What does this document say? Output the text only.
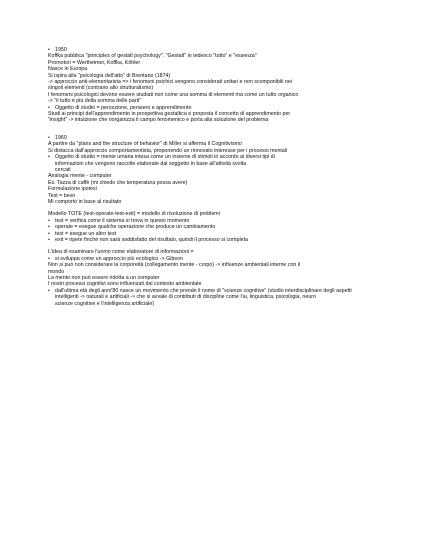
• 1950
Koffka pubblica "principles of gestalt psychology". "Gestalt" in tedesco "tutto" e "essenza"
Promotori = Wertheimer, Koffka, Köhler
Nasce in Europa
Si ispira alla "psicologia dell'atto" di Brentano (1874)
-> approccio anti-elementarista => i fenomeni psichici vengono considerati unitari e non scomponibili nei
singoli elementi (contrario allo strutturalismo)
I fenomeni psicologici devono essere studiati non come una somma di elementi ma come un tutto organico
-> "il tutto è più della somma delle parti"
• Oggetto di studio = percezione, pensiero e apprendimento
Studi ai principi dell'apprendimento in prospettiva gestaltica e proposta il concetto di apprendimento per
"insight" -> intuizione che riorganizza il campo fenomenico e porta alla soluzione del problema
• 1960
A partire da "plans and the structure of behavior" di Miller si afferma il Cognitivismo
Si distacca dall'approccio comportamentista, proponendo un rinnovato interesse per i processi mentali
• Oggetto di studio = mente umana intesa come un insieme di stimoli in accordo ai diversi tipi di
informazioni che vengono raccolte elaborate dal soggetto in base all'attività svolta
cercati
Analogia mente - computer
Es. Tazza di caffè (mi chiedo che temperatura possa avere)
Formulazione ipotesi
Test = bevo
Mi comporto in base al risultato
Modello TOTE (test-operate-test-exit) = modello di risoluzione di problemi
• test = verifica come il sistema si trova in questo momento
• operate = esegue qualche operazione che produce un cambiamento
• test = esegue un altro test
• exit = ripete finché non sarà soddisfatto del risultato, quindi il processo si completa
L'idea di esaminare l'uomo come elaboratore di informazioni =
• si sviluppa come un approccio più ecologico -> Gibson
Non si può non considerare la corporeità (collegamento mente - corpo) -> influenze ambientali interne con il
mondo
La mente non può essere ridotta a un computer
I nostri processi cognitivi sono influenzati dal contesto ambientale
• dall'ultima età degli anni'80 nasce un movimento che prende il nome di "scienze cognitive" (studio interdisciplinare degli aspetti
intelligenti -> naturali e artificiali -> che si avvale di contributi di discipline come l'ai, linguistica, psicologia, neuro
scienze cognitive e l'intelligenza artificiale)
